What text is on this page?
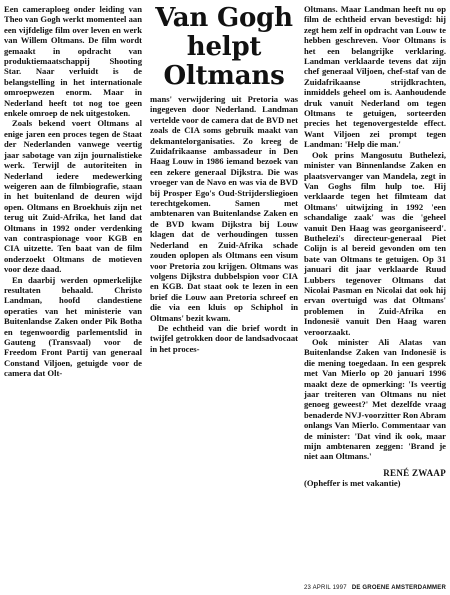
Een cameraploeg onder leiding van Theo van Gogh werkt momenteel aan een vijfdelige film over leven en werk van Willem Oltmans. De film wordt gemaakt in opdracht van produktiemaatschappij Shooting Star. Naar verluidt is de belangstelling in het internationale omroepwezen enorm. Maar in Nederland heeft tot nog toe geen enkele omroep de nek uitgestoken.

Zoals bekend voert Oltmans al enige jaren een proces tegen de Staat der Nederlanden vanwege veertig jaar sabotage van zijn journalistieke werk. Terwijl de autoriteiten in Nederland iedere medewerking weigeren aan de filmbiografie, staan in het buitenland de deuren wijd open. Oltmans en Broekhuis zijn net terug uit Zuid-Afrika, het land dat Oltmans in 1992 onder verdenking van contraspionage voor KGB en CIA uitzette. Ten baat van de film onderzoekt Oltmans de motieven voor deze daad.

En daarbij werden opmerkelijke resultaten behaald. Christo Landman, hoofd clandestiene operaties van het ministerie van Buitenlandse Zaken onder Pik Botha en tegenwoordig parlementslid in Gauteng (Transvaal) voor de Freedom Front Partij van generaal Constand Viljoen, getuigde voor de camera dat Olt-

Van Gogh helpt Oltmans

mans' verwijdering uit Pretoria was ingegeven door Nederland. Landman vertelde voor de camera dat de BVD net zoals de CIA soms gebruik maakt van dekmantelorganisaties. Zo kreeg de Zuidafrikaanse ambassadeur in Den Haag Louw in 1986 iemand bezoek van een zekere generaal Dijkstra. Die was vroeger van de Navo en was via de BVD bij Prosper Ego's Oud-Strijdersliegioen terechtgekomen. Samen met ambtenaren van Buitenlandse Zaken en de BVD kwam Dijkstra bij Louw klagen dat de verhoudingen tussen Nederland en Zuid-Afrika schade zouden oplopen als Oltmans een visum voor Pretoria zou krijgen. Oltmans was volgens Dijkstra dubbelspion voor CIA en KGB. Dat staat ook te lezen in een brief die Louw aan Pretoria schreef en die via een kluis op Schiphol in Oltmans' bezit kwam.

De echtheid van die brief wordt in twijfel getrokken door de landsadvocaat in het proces-

Oltmans. Maar Landman heeft nu op film de echtheid ervan bevestigd: hij zegt hem zelf in opdracht van Louw te hebben geschreven. Voor Oltmans is het een belangrijke verklaring. Landman verklaarde tevens dat zijn chef generaal Viljoen, chef-staf van de Zuidafrikaanse strijdkrachten, inmiddels geheel om is. Aanhoudende druk vanuit Nederland om tegen Oltmans te getuigen, sorteerden precies het tegenovergestelde effect. Want Viljoen zei prompt tegen Landman: 'Help die man.'

Ook prins Mangosutu Buthelezi, minister van Binnenlandse Zaken en plaatsvervanger van Mandela, zegt in Van Goghs film hulp toe. Hij verklaarde tegen het filmteam dat Oltmans' uitwijzing in 1992 'een schandalige zaak' was die 'geheel vanuit Den Haag was georganiseerd'. Buthelezi's directeur-generaal Piet Colijn is al bereid gevonden om ten bate van Oltmans te getuigen. Op 31 januari dit jaar verklaarde Ruud Lubbers tegenover Oltmans dat Nicolai Pasman en Nicolai dat ook hij ervan overtuigd was dat Oltmans' problemen in Zuid-Afrika en Indonesië vanuit Den Haag waren veroorzaakt.

Ook minister Ali Alatas van Buitenlandse Zaken van Indonesië is die mening toegedaan. In een gesprek met Van Mierlo op 20 januari 1996 maakt deze de opmerking: 'Is veertig jaar treiteren van Oltmans nu niet genoeg geweest?' Met dezelfde vraag benaderde NVJ-voorzitter Ron Abram onlangs Van Mierlo. Commentaar van de minister: 'Dat vind ik ook, maar mijn ambtenaren zeggen: 'Brand je niet aan Oltmans.'

RENÉ ZWAAP

(Opheffer is met vakantie)

23 APRIL 1997 DE GROENE AMSTERDAMMER
